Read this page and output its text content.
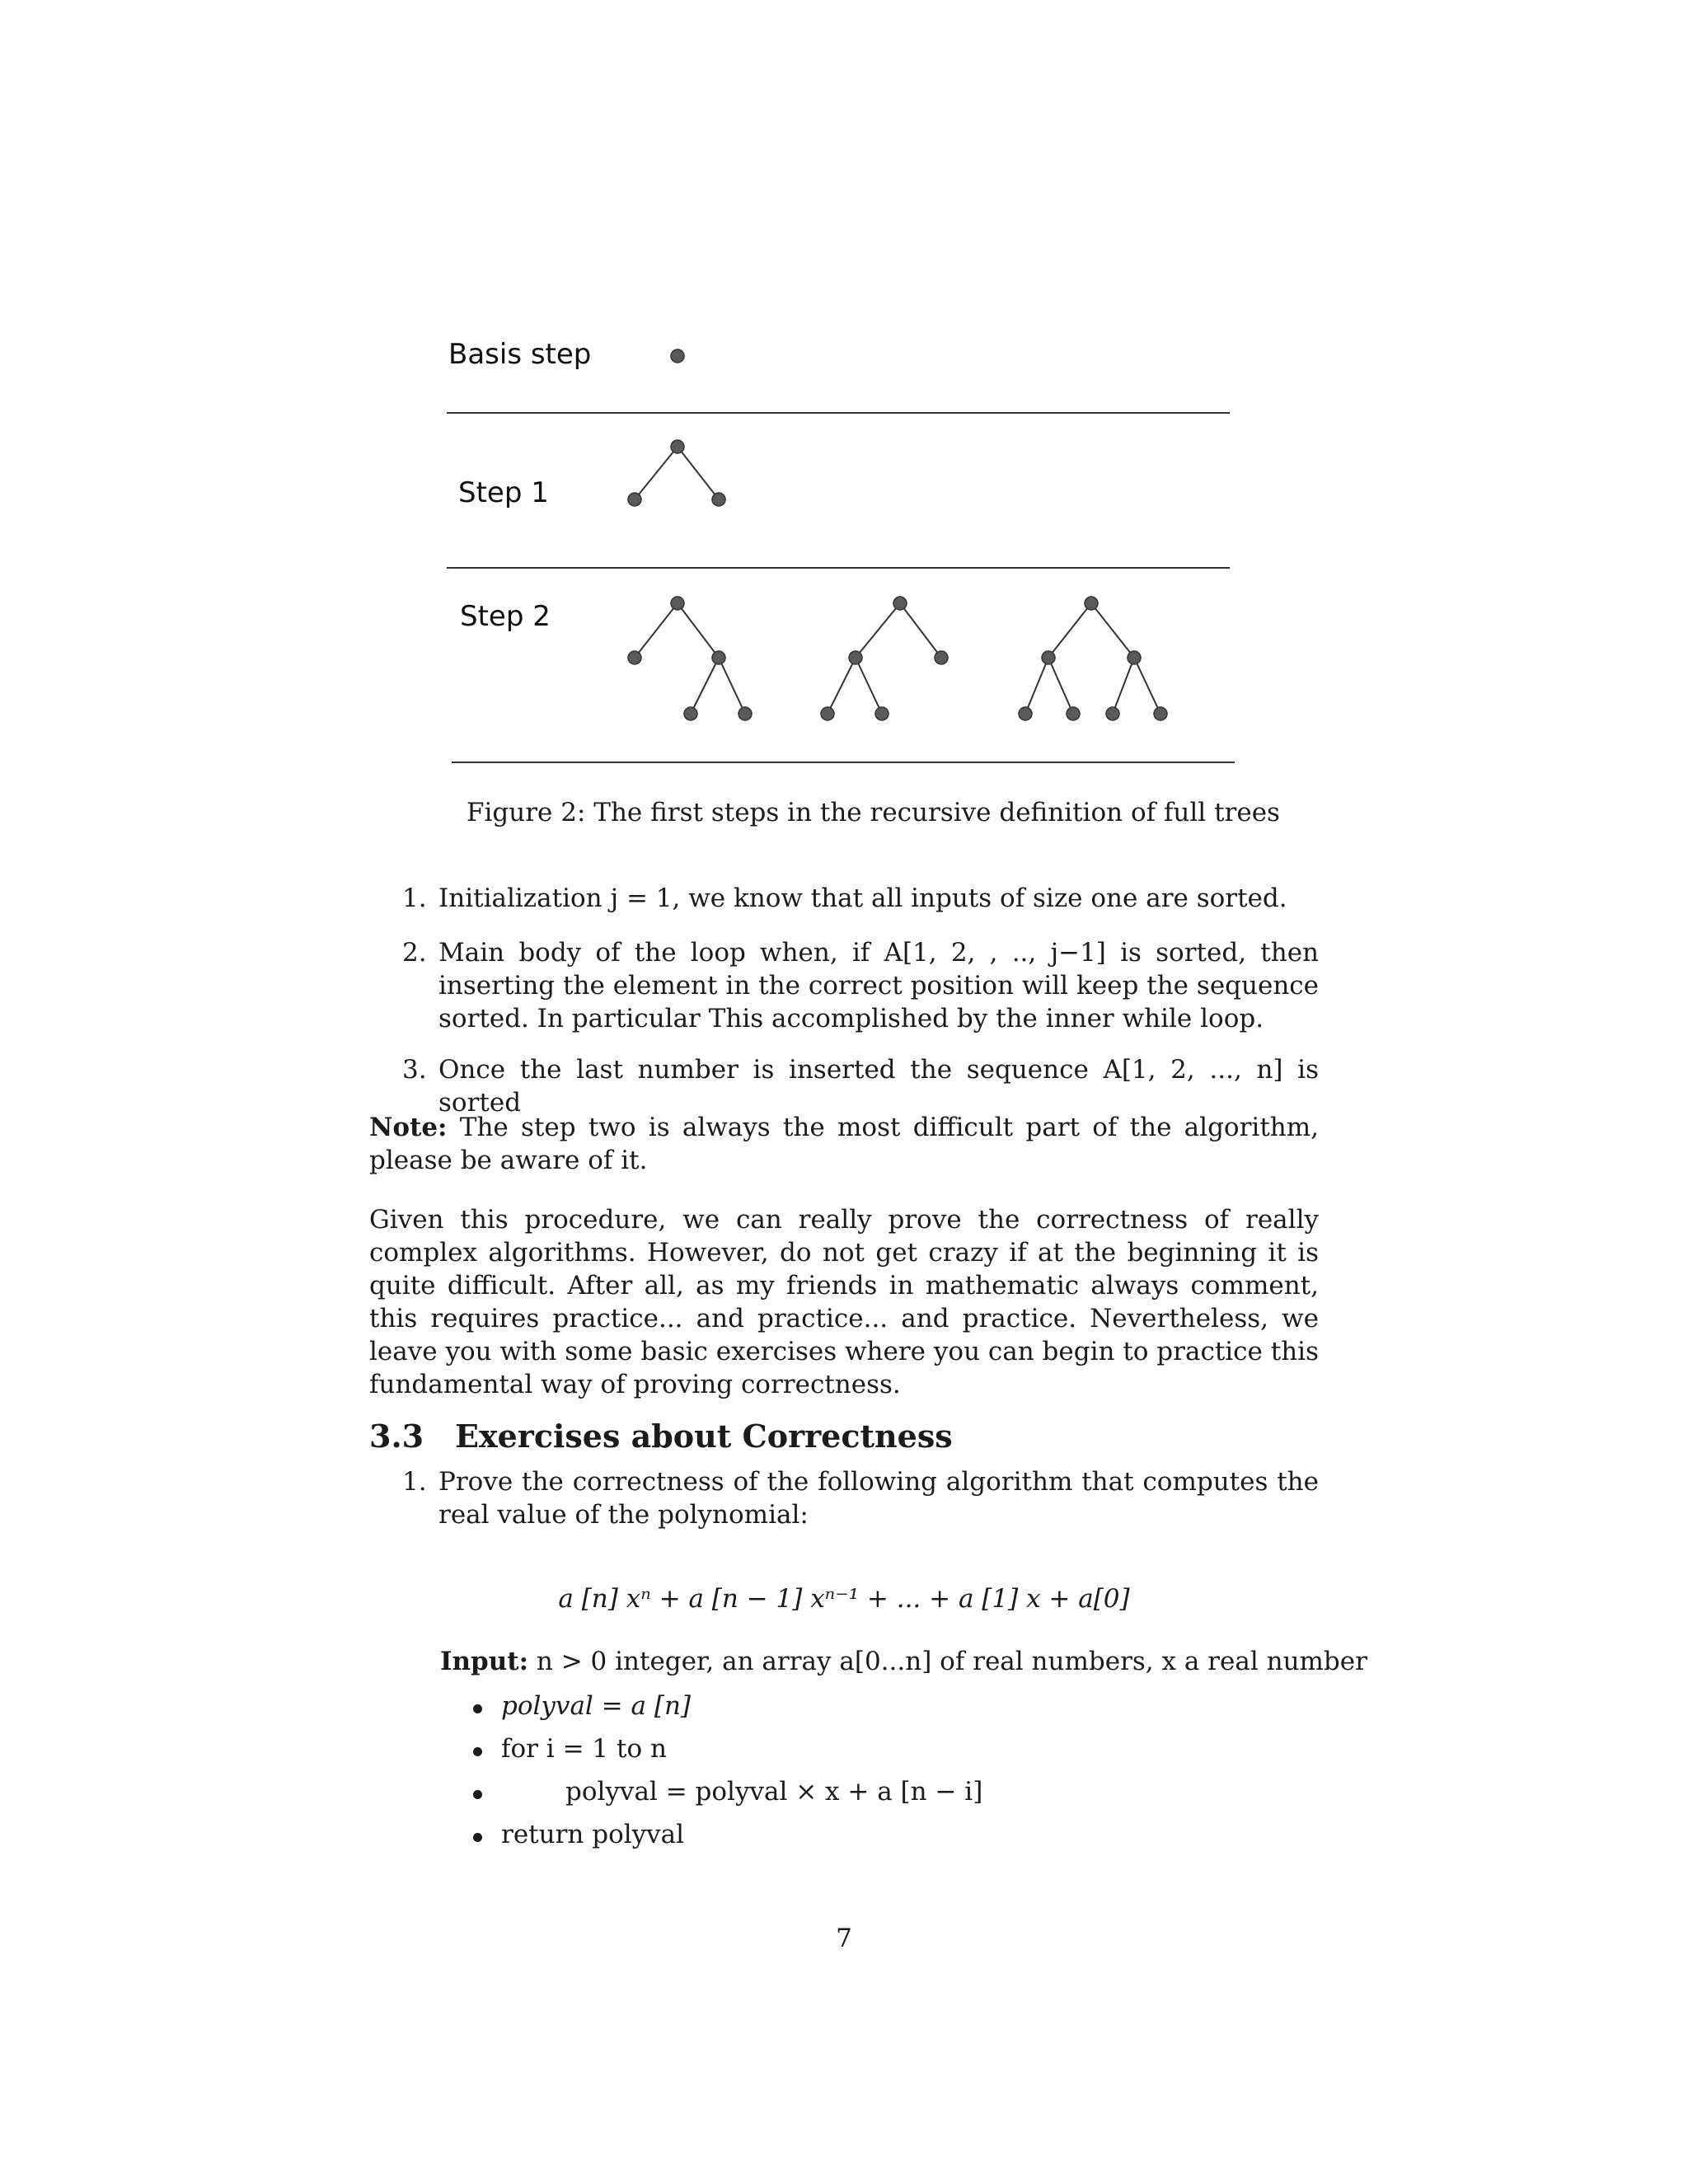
Basis step
Step 1
Step 2
Figure 2: The first steps in the recursive definition of full trees
1. Initialization j = 1, we know that all inputs of size one are sorted.
2. Main body of the loop when, if A[1, 2, , .., j−1] is sorted, then inserting the element in the correct position will keep the sequence sorted. In particular This accomplished by the inner while loop.
3. Once the last number is inserted the sequence A[1, 2, ..., n] is sorted
Note: The step two is always the most difficult part of the algorithm, please be aware of it.
Given this procedure, we can really prove the correctness of really complex algorithms. However, do not get crazy if at the beginning it is quite difficult. After all, as my friends in mathematic always comment, this requires practice... and practice... and practice. Nevertheless, we leave you with some basic exercises where you can begin to practice this fundamental way of proving correctness.
3.3 Exercises about Correctness
1. Prove the correctness of the following algorithm that computes the real value of the polynomial:
a [n] xⁿ + a [n − 1] xⁿ⁻¹ + ... + a [1] x + a[0]
Input: n > 0 integer, an array a[0...n] of real numbers, x a real number
polyval = a [n]
for i = 1 to n
polyval = polyval × x + a [n − i]
return polyval
7
